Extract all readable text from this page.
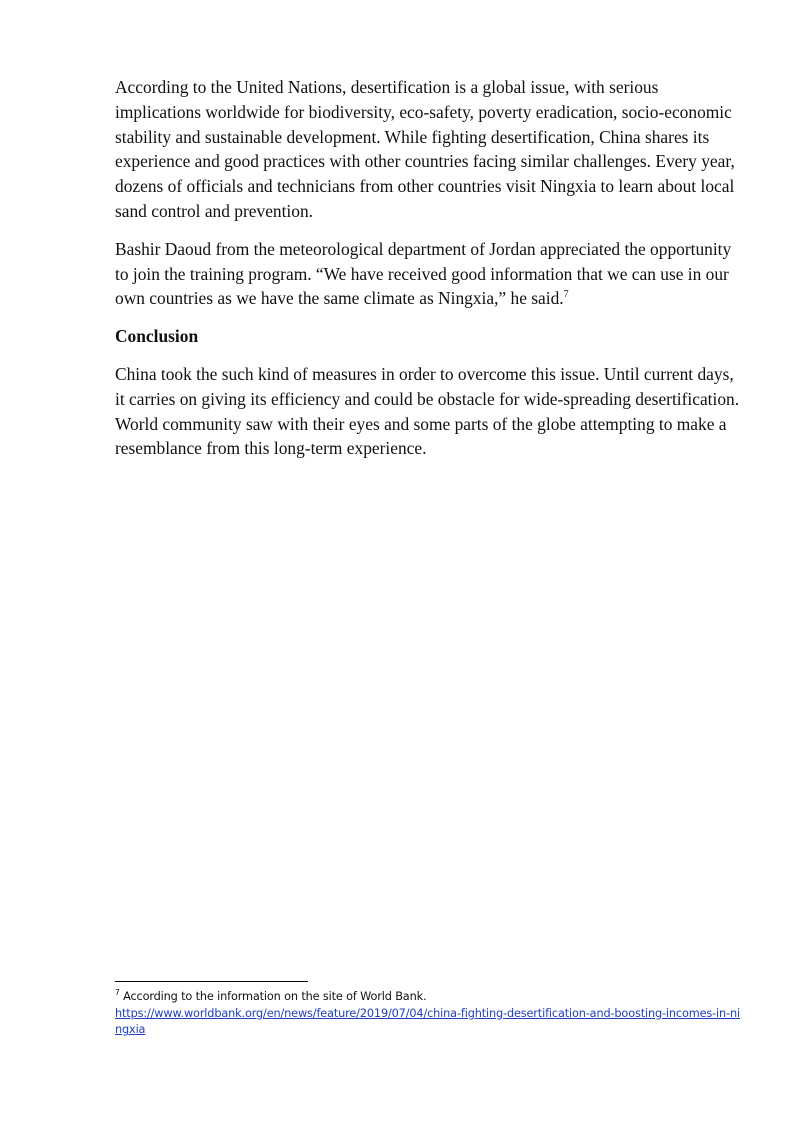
According to the United Nations, desertification is a global issue, with serious implications worldwide for biodiversity, eco-safety, poverty eradication, socio-economic stability and sustainable development. While fighting desertification, China shares its experience and good practices with other countries facing similar challenges. Every year, dozens of officials and technicians from other countries visit Ningxia to learn about local sand control and prevention.

Bashir Daoud from the meteorological department of Jordan appreciated the opportunity to join the training program. “We have received good information that we can use in our own countries as we have the same climate as Ningxia,” he said.$^7$

Conclusion

China took the such kind of measures in order to overcome this issue. Until current days, it carries on giving its efficiency and could be obstacle for wide-spreading desertification. World community saw with their eyes and some parts of the globe attempting to make a resemblance from this long-term experience.

$^7$ According to the information on the site of World Bank.
https://www.worldbank.org/en/news/feature/2019/07/04/china-fighting-desertification-and-boosting-incomes-in-ningxia
